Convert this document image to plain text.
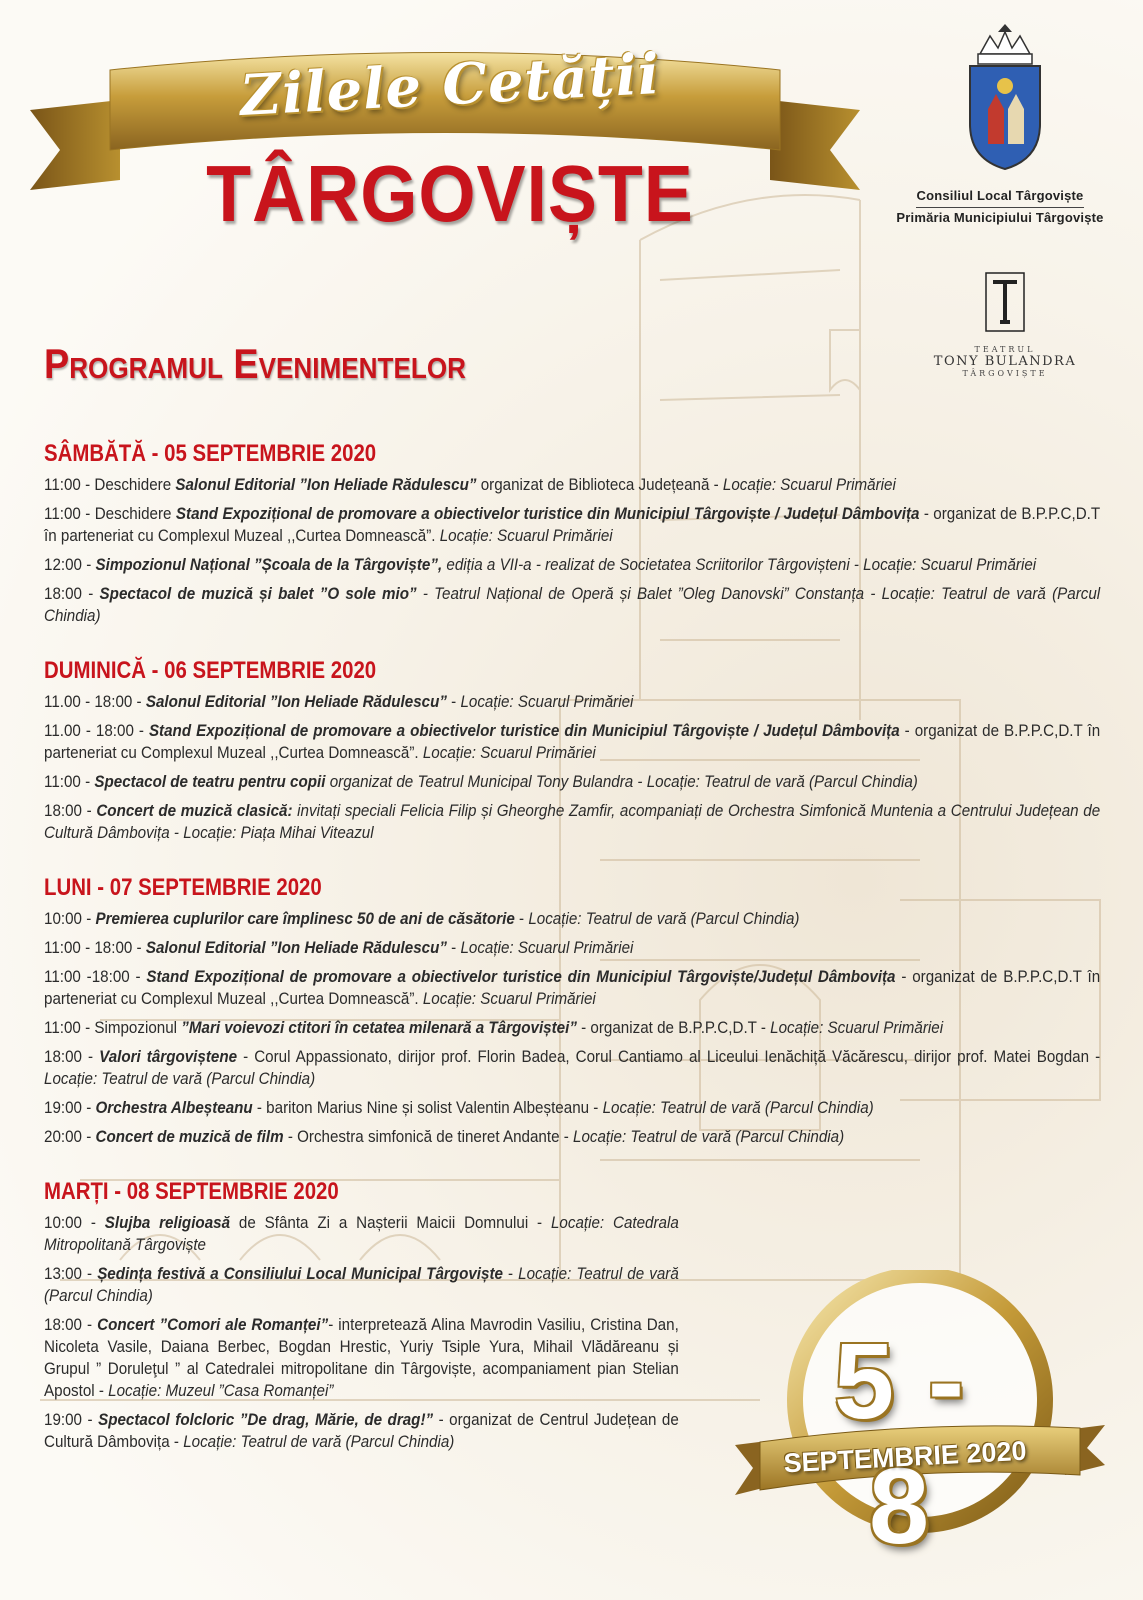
Zilele Cetății
TÂRGOVIȘTE	Consiliul Local Târgoviște
Primăria Municipiului Târgoviște
TEATRUL
TONY BULANDRA
TÂRGOVIȘTE
Programul Evenimentelor
SÂMBĂTĂ - 05 SEPTEMBRIE 2020
11:00 - Deschidere Salonul Editorial ”Ion Heliade Rădulescu” organizat de Biblioteca Județeană - Locație: Scuarul Primăriei
11:00 - Deschidere Stand Expozițional de promovare a obiectivelor turistice din Municipiul Târgoviște / Județul Dâmbovița - organizat de B.P.P.C,D.T în parteneriat cu Complexul Muzeal ,,Curtea Domnească”. Locație: Scuarul Primăriei
12:00 - Simpozionul Național ”Școala de la Târgoviște”, ediția a VII-a - realizat de Societatea Scriitorilor Târgovișteni - Locație: Scuarul Primăriei
18:00 - Spectacol de muzică și balet ”O sole mio” - Teatrul Național de Operă și Balet ”Oleg Danovski” Constanța - Locație: Teatrul de vară (Parcul Chindia)
DUMINICĂ - 06 SEPTEMBRIE 2020
11.00 - 18:00 - Salonul Editorial ”Ion Heliade Rădulescu” - Locație: Scuarul Primăriei
11.00 - 18:00 - Stand Expozițional de promovare a obiectivelor turistice din Municipiul Târgoviște / Județul Dâmbovița - organizat de B.P.P.C,D.T în parteneriat cu Complexul Muzeal ,,Curtea Domnească”. Locație: Scuarul Primăriei
11:00 - Spectacol de teatru pentru copii organizat de Teatrul Municipal Tony Bulandra - Locație: Teatrul de vară (Parcul Chindia)
18:00 - Concert de muzică clasică: invitați speciali Felicia Filip și Gheorghe Zamfir, acompaniați de Orchestra Simfonică Muntenia a Centrului Județean de Cultură Dâmbovița - Locație: Piața Mihai Viteazul
LUNI - 07 SEPTEMBRIE 2020
10:00 - Premierea cuplurilor care împlinesc 50 de ani de căsătorie - Locație: Teatrul de vară (Parcul Chindia)
11:00 - 18:00 - Salonul Editorial ”Ion Heliade Rădulescu” - Locație: Scuarul Primăriei
11:00 -18:00 - Stand Expozițional de promovare a obiectivelor turistice din Municipiul Târgoviște/Județul Dâmbovița - organizat de B.P.P.C,D.T în parteneriat cu Complexul Muzeal ,,Curtea Domnească”. Locație: Scuarul Primăriei
11:00 - Simpozionul ”Mari voievozi ctitori în cetatea milenară a Târgoviștei” - organizat de B.P.P.C,D.T - Locație: Scuarul Primăriei
18:00 - Valori târgoviștene - Corul Appassionato, dirijor prof. Florin Badea, Corul Cantiamo al Liceului Ienăchiță Văcărescu, dirijor prof. Matei Bogdan - Locație: Teatrul de vară (Parcul Chindia)
19:00 - Orchestra Albeșteanu - bariton Marius Nine și solist Valentin Albeșteanu - Locație: Teatrul de vară (Parcul Chindia)
20:00 - Concert de muzică de film - Orchestra simfonică de tineret Andante - Locație: Teatrul de vară (Parcul Chindia)
MARȚI - 08 SEPTEMBRIE 2020
10:00 - Slujba religioasă de Sfânta Zi a Nașterii Maicii Domnului - Locație: Catedrala Mitropolitană Târgoviște
13:00 - Ședința festivă a Consiliului Local Municipal Târgoviște - Locație: Teatrul de vară (Parcul Chindia)
18:00 - Concert ”Comori ale Romanței”- interpretează Alina Mavrodin Vasiliu, Cristina Dan, Nicoleta Vasile, Daiana Berbec, Bogdan Hrestic, Yuriy Tsiple Yura, Mihail Vlădăreanu și Grupul ” Doruleţul ” al Catedralei mitropolitane din Târgoviște, acompaniament pian Stelian Apostol - Locație: Muzeul ”Casa Romanței”
19:00 - Spectacol folcloric ”De drag, Mărie, de drag!” - organizat de Centrul Județean de Cultură Dâmbovița - Locație: Teatrul de vară (Parcul Chindia)
5 - 8
SEPTEMBRIE 2020
